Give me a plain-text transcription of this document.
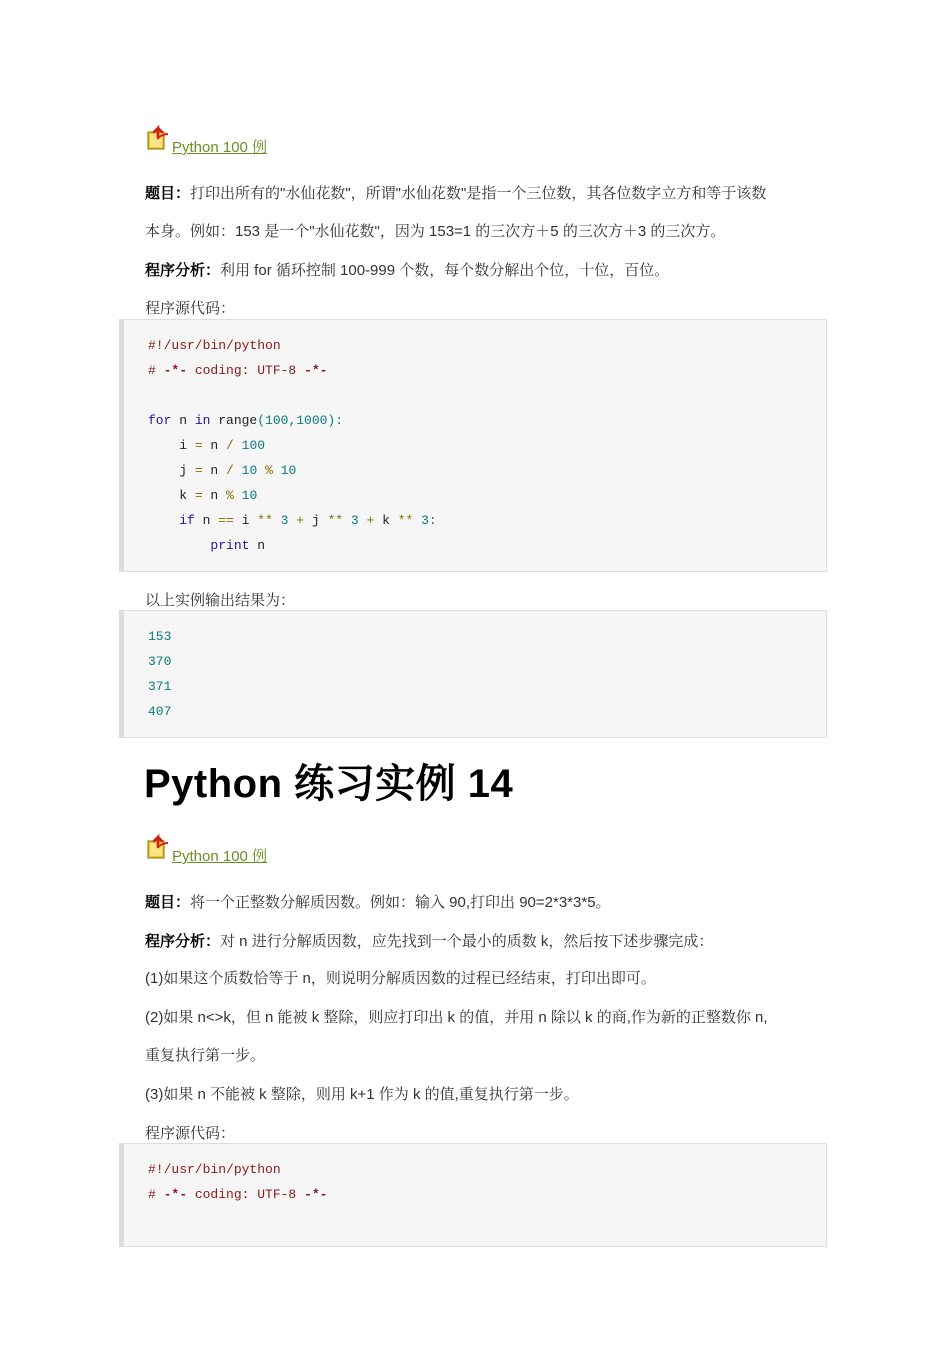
Python 100 例
题目：打印出所有的"水仙花数"，所谓"水仙花数"是指一个三位数，其各位数字立方和等于该数
本身。例如：153 是一个"水仙花数"，因为 153=1 的三次方＋5 的三次方＋3 的三次方。
程序分析：利用 for 循环控制 100-999 个数，每个数分解出个位，十位，百位。
程序源代码：
#!/usr/bin/python
# -*- coding: UTF-8 -*-
for n in range(100,1000):
i = n / 100
j = n / 10 % 10
k = n % 10
if n == i ** 3 + j ** 3 + k ** 3:
print n
以上实例输出结果为：
153
370
371
407
Python 练习实例 14
Python 100 例
题目：将一个正整数分解质因数。例如：输入 90,打印出 90=2*3*3*5。
程序分析：对 n 进行分解质因数，应先找到一个最小的质数 k，然后按下述步骤完成：
(1)如果这个质数恰等于 n，则说明分解质因数的过程已经结束，打印出即可。
(2)如果 n<>k，但 n 能被 k 整除，则应打印出 k 的值，并用 n 除以 k 的商,作为新的正整数你 n,
重复执行第一步。
(3)如果 n 不能被 k 整除，则用 k+1 作为 k 的值,重复执行第一步。
程序源代码：
#!/usr/bin/python
# -*- coding: UTF-8 -*-
